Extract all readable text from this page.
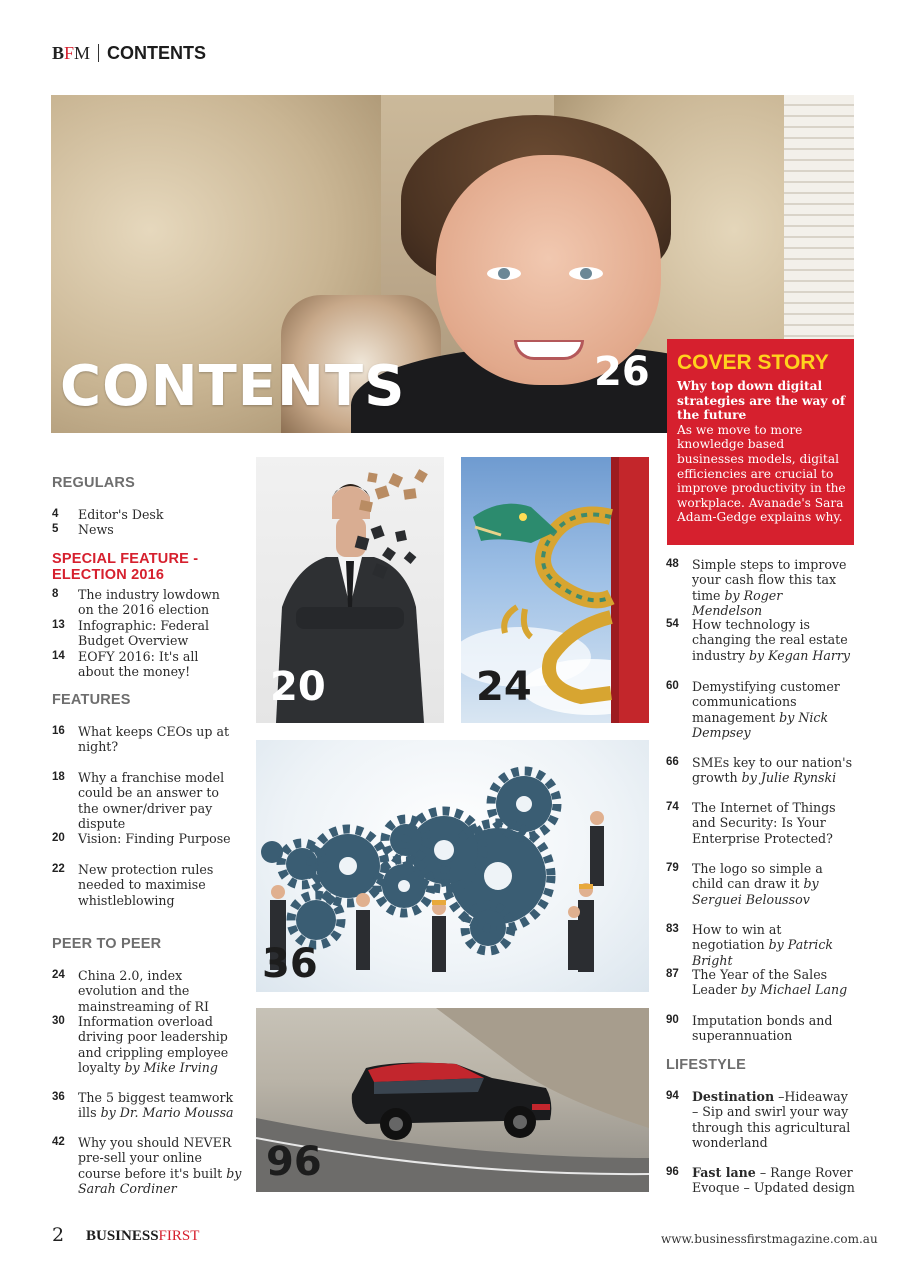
BFM CONTENTS
CONTENTS	26 COVER STORY
Why top down digital strategies are the way of the future
As we move to more knowledge based businesses models, digital efficiencies are crucial to improve productivity in the workplace. Avanade's Sara Adam-Gedge explains why.
REGULARS
4	Editor's Desk
5	News
SPECIAL FEATURE -
ELECTION 2016
8	The industry lowdown on the 2016 election
13	Infographic: Federal Budget Overview
14	EOFY 2016: It's all about the money!
FEATURES
16	What keeps CEOs up at night?
18	Why a franchise model could be an answer to the owner/driver pay dispute
20	Vision: Finding Purpose
22	New protection rules needed to maximise whistleblowing
PEER TO PEER
24	China 2.0, index evolution and the mainstreaming of RI
30	Information overload driving poor leadership and crippling employee loyalty by Mike Irving
36	The 5 biggest teamwork ills by Dr. Mario Moussa
42	Why you should NEVER pre-sell your online course before it's built by Sarah Cordiner
20	24
36
96
48	Simple steps to improve your cash flow this tax time by Roger Mendelson
54	How technology is changing the real estate industry by Kegan Harry
60	Demystifying customer communications management by Nick Dempsey
66	SMEs key to our nation's growth by Julie Rynski
74	The Internet of Things and Security: Is Your Enterprise Protected?
79	The logo so simple a child can draw it by Serguei Beloussov
83	How to win at negotiation by Patrick Bright
87	The Year of the Sales Leader by Michael Lang
90	Imputation bonds and superannuation
LIFESTYLE
94	Destination –Hideaway – Sip and swirl your way through this agricultural wonderland
96	Fast lane – Range Rover Evoque – Updated design
2 BUSINESSFIRST	www.businessfirstmagazine.com.au
